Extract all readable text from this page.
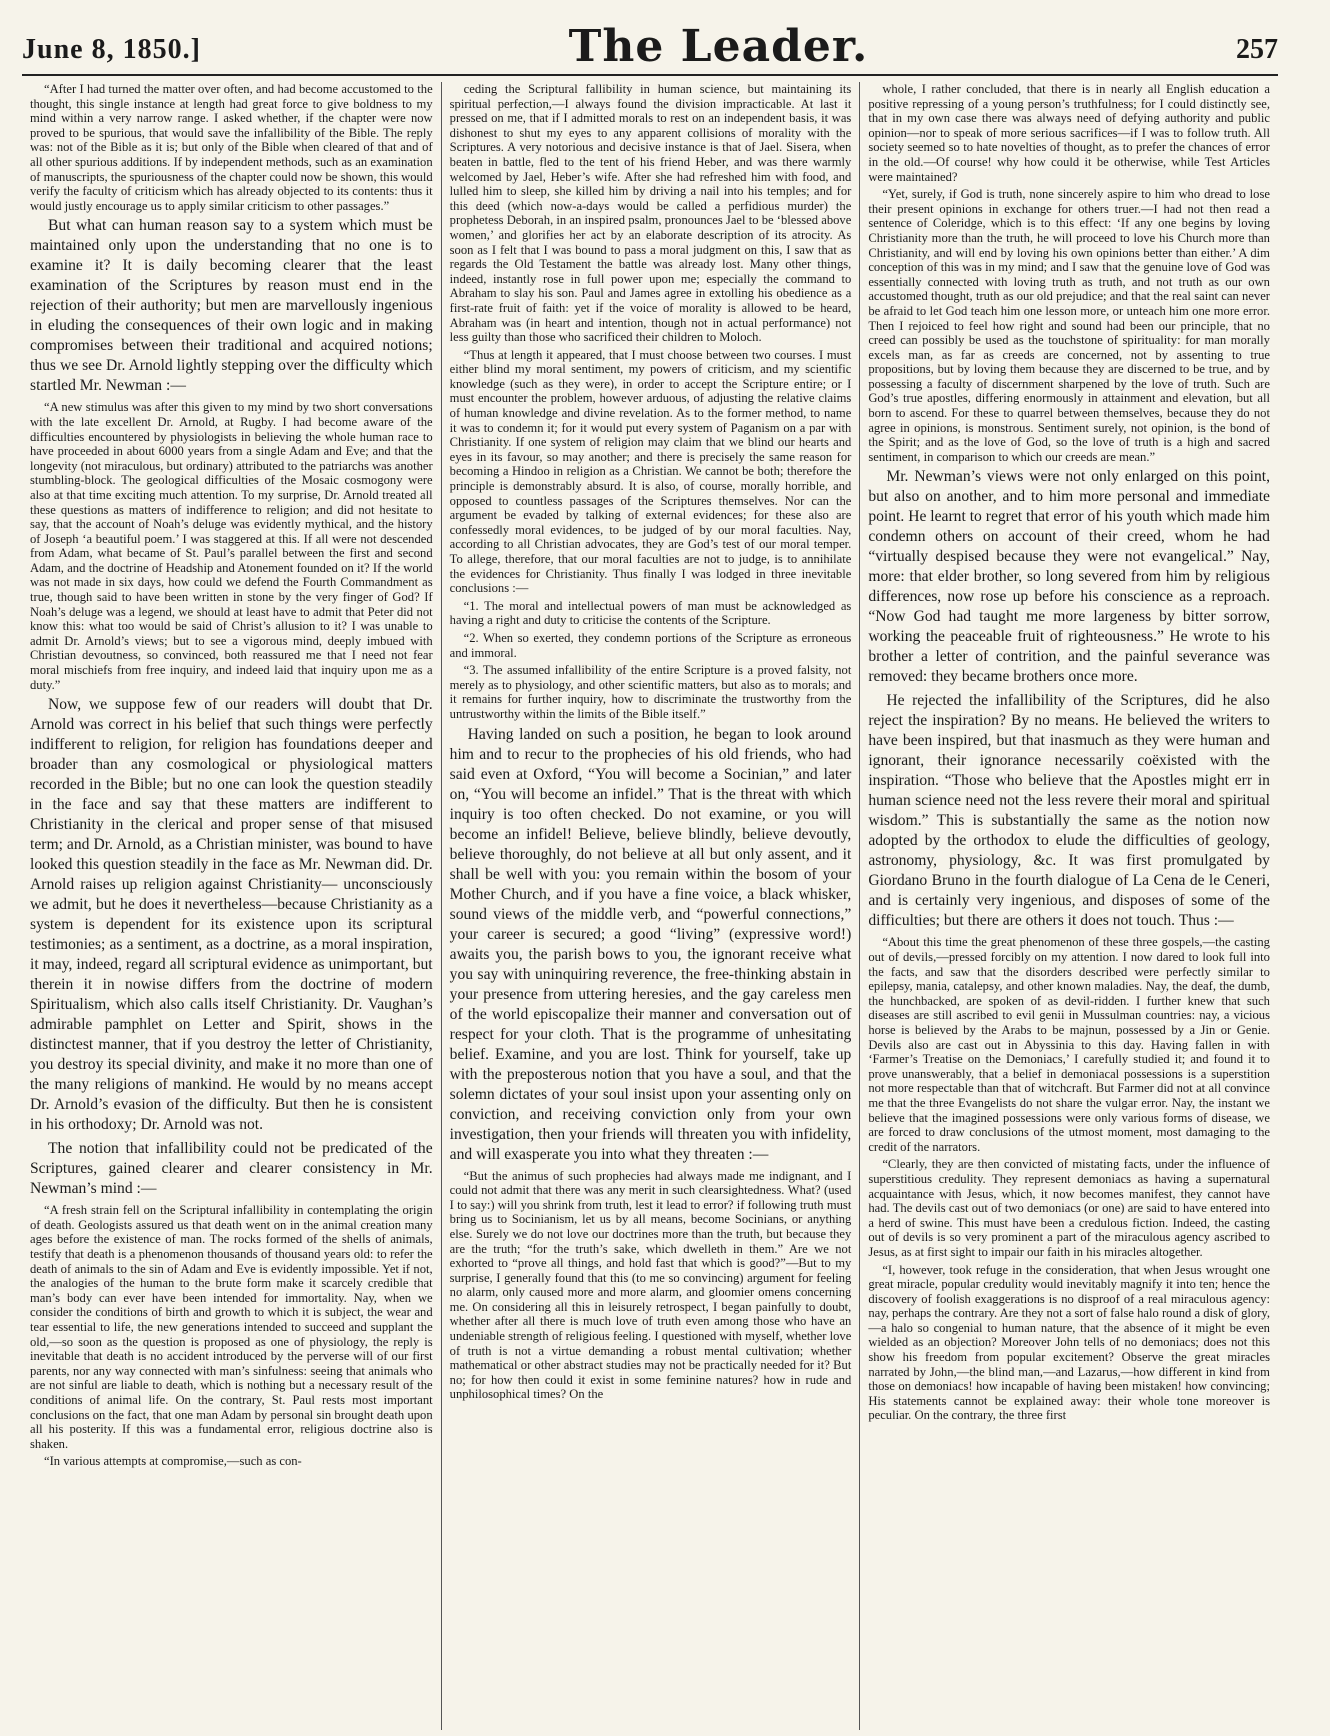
June 8, 1850.]	The Leader.	257

“After I had turned the matter over often, and had become accustomed to the thought, this single instance at length had great force to give boldness to my mind within a very narrow range. I asked whether, if the chapter were now proved to be spurious, that would save the infallibility of the Bible. The reply was: not of the Bible as it is; but only of the Bible when cleared of that and of all other spurious additions. If by independent methods, such as an examination of manuscripts, the spuriousness of the chapter could now be shown, this would verify the faculty of criticism which has already objected to its contents: thus it would justly encourage us to apply similar criticism to other passages.”

But what can human reason say to a system which must be maintained only upon the understanding that no one is to examine it? It is daily becoming clearer that the least examination of the Scriptures by reason must end in the rejection of their authority; but men are marvellously ingenious in eluding the consequences of their own logic and in making compromises between their traditional and acquired notions; thus we see Dr. Arnold lightly stepping over the difficulty which startled Mr. Newman :—

“A new stimulus was after this given to my mind by two short conversations with the late excellent Dr. Arnold, at Rugby. I had become aware of the difficulties encountered by physiologists in believing the whole human race to have proceeded in about 6000 years from a single Adam and Eve; and that the longevity (not miraculous, but ordinary) attributed to the patriarchs was another stumbling-block. The geological difficulties of the Mosaic cosmogony were also at that time exciting much attention. To my surprise, Dr. Arnold treated all these questions as matters of indifference to religion; and did not hesitate to say, that the account of Noah’s deluge was evidently mythical, and the history of Joseph ‘a beautiful poem.’ I was staggered at this. If all were not descended from Adam, what became of St. Paul’s parallel between the first and second Adam, and the doctrine of Headship and Atonement founded on it? If the world was not made in six days, how could we defend the Fourth Commandment as true, though said to have been written in stone by the very finger of God? If Noah’s deluge was a legend, we should at least have to admit that Peter did not know this: what too would be said of Christ’s allusion to it? I was unable to admit Dr. Arnold’s views; but to see a vigorous mind, deeply imbued with Christian devoutness, so convinced, both reassured me that I need not fear moral mischiefs from free inquiry, and indeed laid that inquiry upon me as a duty.”

Now, we suppose few of our readers will doubt that Dr. Arnold was correct in his belief that such things were perfectly indifferent to religion, for religion has foundations deeper and broader than any cosmological or physiological matters recorded in the Bible; but no one can look the question steadily in the face and say that these matters are indifferent to Christianity in the clerical and proper sense of that misused term; and Dr. Arnold, as a Christian minister, was bound to have looked this question steadily in the face as Mr. Newman did. Dr. Arnold raises up religion against Christianity— unconsciously we admit, but he does it nevertheless—because Christianity as a system is dependent for its existence upon its scriptural testimonies; as a sentiment, as a doctrine, as a moral inspiration, it may, indeed, regard all scriptural evidence as unimportant, but therein it in nowise differs from the doctrine of modern Spiritualism, which also calls itself Christianity. Dr. Vaughan’s admirable pamphlet on Letter and Spirit, shows in the distinctest manner, that if you destroy the letter of Christianity, you destroy its special divinity, and make it no more than one of the many religions of mankind. He would by no means accept Dr. Arnold’s evasion of the difficulty. But then he is consistent in his orthodoxy; Dr. Arnold was not.

The notion that infallibility could not be predicated of the Scriptures, gained clearer and clearer consistency in Mr. Newman’s mind :—

“A fresh strain fell on the Scriptural infallibility in contemplating the origin of death. Geologists assured us that death went on in the animal creation many ages before the existence of man. The rocks formed of the shells of animals, testify that death is a phenomenon thousands of thousand years old: to refer the death of animals to the sin of Adam and Eve is evidently impossible. Yet if not, the analogies of the human to the brute form make it scarcely credible that man’s body can ever have been intended for immortality. Nay, when we consider the conditions of birth and growth to which it is subject, the wear and tear essential to life, the new generations intended to succeed and supplant the old,—so soon as the question is proposed as one of physiology, the reply is inevitable that death is no accident introduced by the perverse will of our first parents, nor any way connected with man’s sinfulness: seeing that animals who are not sinful are liable to death, which is nothing but a necessary result of the conditions of animal life. On the contrary, St. Paul rests most important conclusions on the fact, that one man Adam by personal sin brought death upon all his posterity. If this was a fundamental error, religious doctrine also is shaken.

“In various attempts at compromise,—such as con-

ceding the Scriptural fallibility in human science, but maintaining its spiritual perfection,—I always found the division impracticable. At last it pressed on me, that if I admitted morals to rest on an independent basis, it was dishonest to shut my eyes to any apparent collisions of morality with the Scriptures. A very notorious and decisive instance is that of Jael. Sisera, when beaten in battle, fled to the tent of his friend Heber, and was there warmly welcomed by Jael, Heber’s wife. After she had refreshed him with food, and lulled him to sleep, she killed him by driving a nail into his temples; and for this deed (which now-a-days would be called a perfidious murder) the prophetess Deborah, in an inspired psalm, pronounces Jael to be ‘blessed above women,’ and glorifies her act by an elaborate description of its atrocity. As soon as I felt that I was bound to pass a moral judgment on this, I saw that as regards the Old Testament the battle was already lost. Many other things, indeed, instantly rose in full power upon me; especially the command to Abraham to slay his son. Paul and James agree in extolling his obedience as a first-rate fruit of faith: yet if the voice of morality is allowed to be heard, Abraham was (in heart and intention, though not in actual performance) not less guilty than those who sacrificed their children to Moloch.

“Thus at length it appeared, that I must choose between two courses. I must either blind my moral sentiment, my powers of criticism, and my scientific knowledge (such as they were), in order to accept the Scripture entire; or I must encounter the problem, however arduous, of adjusting the relative claims of human knowledge and divine revelation. As to the former method, to name it was to condemn it; for it would put every system of Paganism on a par with Christianity. If one system of religion may claim that we blind our hearts and eyes in its favour, so may another; and there is precisely the same reason for becoming a Hindoo in religion as a Christian. We cannot be both; therefore the principle is demonstrably absurd. It is also, of course, morally horrible, and opposed to countless passages of the Scriptures themselves. Nor can the argument be evaded by talking of external evidences; for these also are confessedly moral evidences, to be judged of by our moral faculties. Nay, according to all Christian advocates, they are God’s test of our moral temper. To allege, therefore, that our moral faculties are not to judge, is to annihilate the evidences for Christianity. Thus finally I was lodged in three inevitable conclusions :—

“1. The moral and intellectual powers of man must be acknowledged as having a right and duty to criticise the contents of the Scripture.

“2. When so exerted, they condemn portions of the Scripture as erroneous and immoral.

“3. The assumed infallibility of the entire Scripture is a proved falsity, not merely as to physiology, and other scientific matters, but also as to morals; and it remains for further inquiry, how to discriminate the trustworthy from the untrustworthy within the limits of the Bible itself.”

Having landed on such a position, he began to look around him and to recur to the prophecies of his old friends, who had said even at Oxford, “You will become a Socinian,” and later on, “You will become an infidel.” That is the threat with which inquiry is too often checked. Do not examine, or you will become an infidel! Believe, believe blindly, believe devoutly, believe thoroughly, do not believe at all but only assent, and it shall be well with you: you remain within the bosom of your Mother Church, and if you have a fine voice, a black whisker, sound views of the middle verb, and “powerful connections,” your career is secured; a good “living” (expressive word!) awaits you, the parish bows to you, the ignorant receive what you say with uninquiring reverence, the free-thinking abstain in your presence from uttering heresies, and the gay careless men of the world episcopalize their manner and conversation out of respect for your cloth. That is the programme of unhesitating belief. Examine, and you are lost. Think for yourself, take up with the preposterous notion that you have a soul, and that the solemn dictates of your soul insist upon your assenting only on conviction, and receiving conviction only from your own investigation, then your friends will threaten you with infidelity, and will exasperate you into what they threaten :—

“But the animus of such prophecies had always made me indignant, and I could not admit that there was any merit in such clearsightedness. What? (used I to say:) will you shrink from truth, lest it lead to error? if following truth must bring us to Socinianism, let us by all means, become Socinians, or anything else. Surely we do not love our doctrines more than the truth, but because they are the truth; “for the truth’s sake, which dwelleth in them.” Are we not exhorted to “prove all things, and hold fast that which is good?”—But to my surprise, I generally found that this (to me so convincing) argument for feeling no alarm, only caused more and more alarm, and gloomier omens concerning me. On considering all this in leisurely retrospect, I began painfully to doubt, whether after all there is much love of truth even among those who have an undeniable strength of religious feeling. I questioned with myself, whether love of truth is not a virtue demanding a robust mental cultivation; whether mathematical or other abstract studies may not be practically needed for it? But no; for how then could it exist in some feminine natures? how in rude and unphilosophical times? On the

whole, I rather concluded, that there is in nearly all English education a positive repressing of a young person’s truthfulness; for I could distinctly see, that in my own case there was always need of defying authority and public opinion—nor to speak of more serious sacrifices—if I was to follow truth. All society seemed so to hate novelties of thought, as to prefer the chances of error in the old.—Of course! why how could it be otherwise, while Test Articles were maintained?

“Yet, surely, if God is truth, none sincerely aspire to him who dread to lose their present opinions in exchange for others truer.—I had not then read a sentence of Coleridge, which is to this effect: ‘If any one begins by loving Christianity more than the truth, he will proceed to love his Church more than Christianity, and will end by loving his own opinions better than either.’ A dim conception of this was in my mind; and I saw that the genuine love of God was essentially connected with loving truth as truth, and not truth as our own accustomed thought, truth as our old prejudice; and that the real saint can never be afraid to let God teach him one lesson more, or unteach him one more error. Then I rejoiced to feel how right and sound had been our principle, that no creed can possibly be used as the touchstone of spirituality: for man morally excels man, as far as creeds are concerned, not by assenting to true propositions, but by loving them because they are discerned to be true, and by possessing a faculty of discernment sharpened by the love of truth. Such are God’s true apostles, differing enormously in attainment and elevation, but all born to ascend. For these to quarrel between themselves, because they do not agree in opinions, is monstrous. Sentiment surely, not opinion, is the bond of the Spirit; and as the love of God, so the love of truth is a high and sacred sentiment, in comparison to which our creeds are mean.”

Mr. Newman’s views were not only enlarged on this point, but also on another, and to him more personal and immediate point. He learnt to regret that error of his youth which made him condemn others on account of their creed, whom he had “virtually despised because they were not evangelical.” Nay, more: that elder brother, so long severed from him by religious differences, now rose up before his conscience as a reproach. “Now God had taught me more largeness by bitter sorrow, working the peaceable fruit of righteousness.” He wrote to his brother a letter of contrition, and the painful severance was removed: they became brothers once more.

He rejected the infallibility of the Scriptures, did he also reject the inspiration? By no means. He believed the writers to have been inspired, but that inasmuch as they were human and ignorant, their ignorance necessarily coëxisted with the inspiration. “Those who believe that the Apostles might err in human science need not the less revere their moral and spiritual wisdom.” This is substantially the same as the notion now adopted by the orthodox to elude the difficulties of geology, astronomy, physiology, &c. It was first promulgated by Giordano Bruno in the fourth dialogue of La Cena de le Ceneri, and is certainly very ingenious, and disposes of some of the difficulties; but there are others it does not touch. Thus :—

“About this time the great phenomenon of these three gospels,—the casting out of devils,—pressed forcibly on my attention. I now dared to look full into the facts, and saw that the disorders described were perfectly similar to epilepsy, mania, catalepsy, and other known maladies. Nay, the deaf, the dumb, the hunchbacked, are spoken of as devil-ridden. I further knew that such diseases are still ascribed to evil genii in Mussulman countries: nay, a vicious horse is believed by the Arabs to be majnun, possessed by a Jin or Genie. Devils also are cast out in Abyssinia to this day. Having fallen in with ‘Farmer’s Treatise on the Demoniacs,’ I carefully studied it; and found it to prove unanswerably, that a belief in demoniacal possessions is a superstition not more respectable than that of witchcraft. But Farmer did not at all convince me that the three Evangelists do not share the vulgar error. Nay, the instant we believe that the imagined possessions were only various forms of disease, we are forced to draw conclusions of the utmost moment, most damaging to the credit of the narrators.

“Clearly, they are then convicted of mistating facts, under the influence of superstitious credulity. They represent demoniacs as having a supernatural acquaintance with Jesus, which, it now becomes manifest, they cannot have had. The devils cast out of two demoniacs (or one) are said to have entered into a herd of swine. This must have been a credulous fiction. Indeed, the casting out of devils is so very prominent a part of the miraculous agency ascribed to Jesus, as at first sight to impair our faith in his miracles altogether.

“I, however, took refuge in the consideration, that when Jesus wrought one great miracle, popular credulity would inevitably magnify it into ten; hence the discovery of foolish exaggerations is no disproof of a real miraculous agency: nay, perhaps the contrary. Are they not a sort of false halo round a disk of glory,—a halo so congenial to human nature, that the absence of it might be even wielded as an objection? Moreover John tells of no demoniacs; does not this show his freedom from popular excitement? Observe the great miracles narrated by John,—the blind man,—and Lazarus,—how different in kind from those on demoniacs! how incapable of having been mistaken! how convincing; His statements cannot be explained away: their whole tone moreover is peculiar. On the contrary, the three first
